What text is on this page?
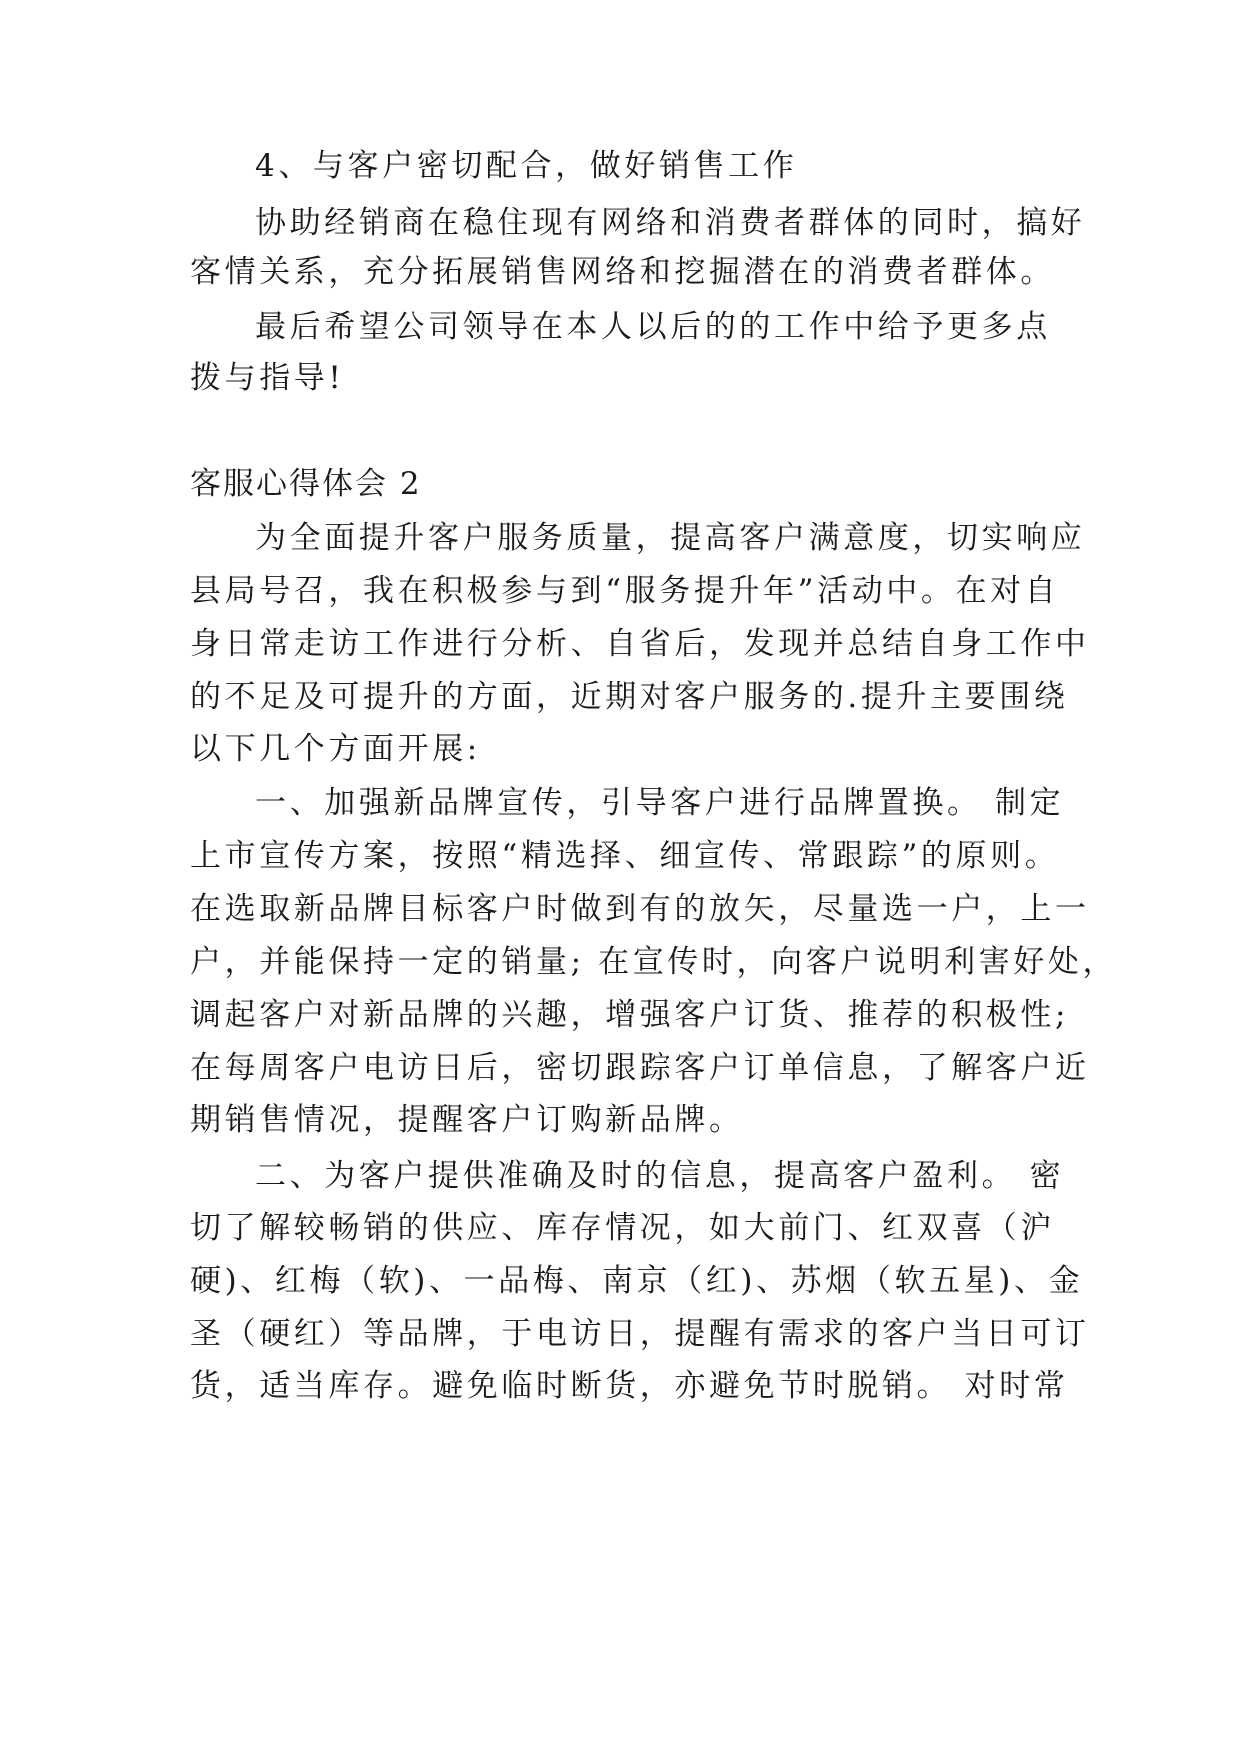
4、与客户密切配合，做好销售工作
协助经销商在稳住现有网络和消费者群体的同时，搞好
客情关系，充分拓展销售网络和挖掘潜在的消费者群体。
最后希望公司领导在本人以后的的工作中给予更多点
拨与指导!
客服心得体会 2
为全面提升客户服务质量，提高客户满意度，切实响应
县局号召，我在积极参与到“服务提升年”活动中。在对自
身日常走访工作进行分析、自省后，发现并总结自身工作中
的不足及可提升的方面，近期对客户服务的.提升主要围绕
以下几个方面开展:
一、加强新品牌宣传，引导客户进行品牌置换。 制定
上市宣传方案，按照“精选择、细宣传、常跟踪”的原则。
在选取新品牌目标客户时做到有的放矢，尽量选一户，上一
户，并能保持一定的销量; 在宣传时，向客户说明利害好处，
调起客户对新品牌的兴趣，增强客户订货、推荐的积极性;
在每周客户电访日后，密切跟踪客户订单信息，了解客户近
期销售情况，提醒客户订购新品牌。
二、为客户提供准确及时的信息，提高客户盈利。 密
切了解较畅销的供应、库存情况，如大前门、红双喜（沪
硬)、红梅（软)、一品梅、南京（红)、苏烟（软五星)、金
圣（硬红）等品牌，于电访日，提醒有需求的客户当日可订
货，适当库存。避免临时断货，亦避免节时脱销。 对时常
